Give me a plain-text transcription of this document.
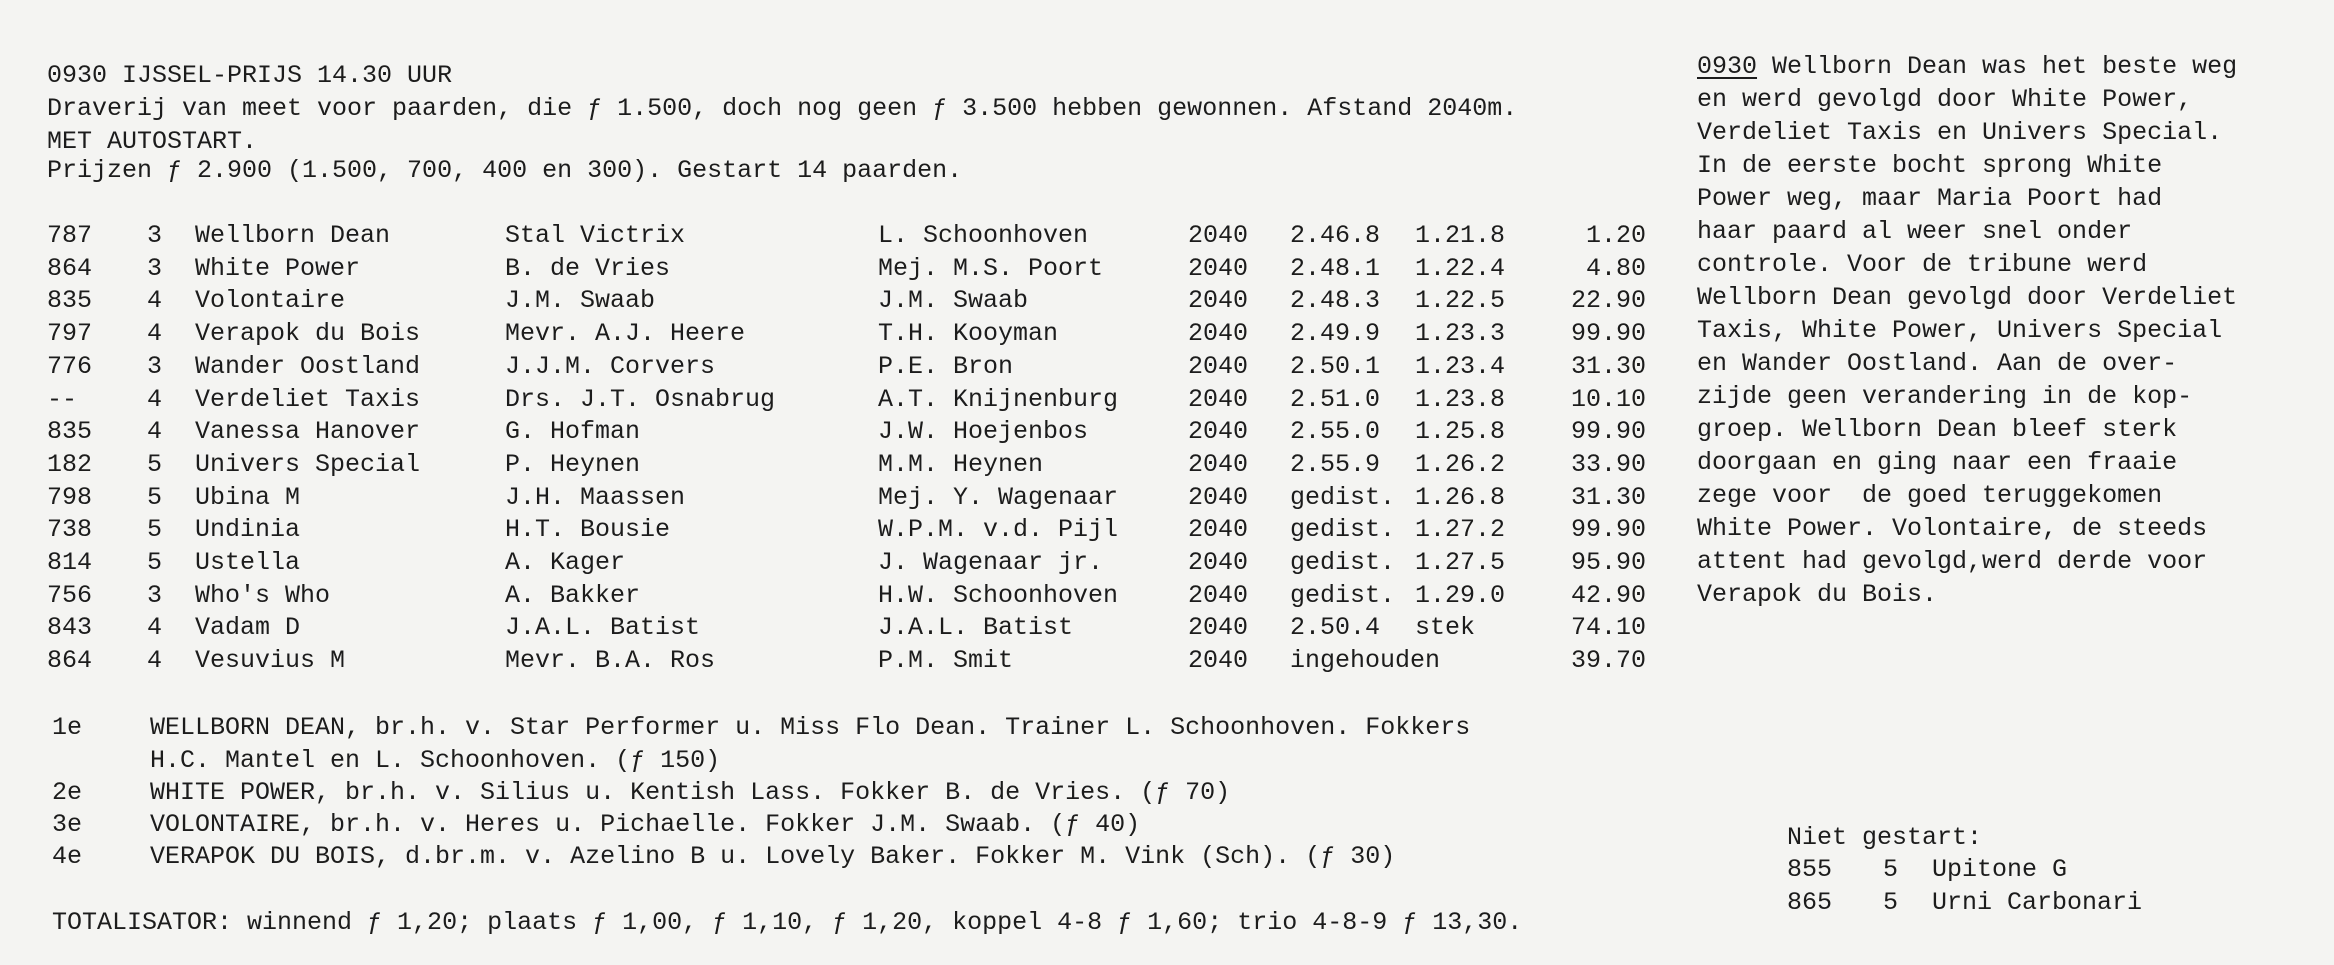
0930 IJSSEL-PRIJS 14.30 UUR
Draverij van meet voor paarden, die ƒ 1.500, doch nog geen ƒ 3.500 hebben gewonnen. Afstand 2040m.
MET AUTOSTART.
Prijzen ƒ 2.900 (1.500, 700, 400 en 300). Gestart 14 paarden.
787 3 Wellborn Dean	Stal Victrix	L. Schoonhoven	2040 2.46.8 1.21.8	1.20
864 3 White Power	B. de Vries	Mej. M.S. Poort	2040 2.48.1 1.22.4	4.80
835 4 Volontaire	J.M. Swaab	J.M. Swaab	2040 2.48.3 1.22.5	22.90
797 4 Verapok du Bois	Mevr. A.J. Heere	T.H. Kooyman	2040 2.49.9 1.23.3	99.90
776 3 Wander Oostland	J.J.M. Corvers	P.E. Bron	2040 2.50.1 1.23.4	31.30
--	4 Verdeliet Taxis	Drs. J.T. Osnabrug	A.T. Knijnenburg	2040 2.51.0 1.23.8	10.10
835 4 Vanessa Hanover	G. Hofman	J.W. Hoejenbos	2040 2.55.0 1.25.8	99.90
182 5 Univers Special	P. Heynen	M.M. Heynen	2040 2.55.9 1.26.2	33.90
798 5 Ubina M	J.H. Maassen	Mej. Y. Wagenaar	2040 gedist. 1.26.8	31.30
738 5 Undinia	H.T. Bousie	W.P.M. v.d. Pijl	2040 gedist. 1.27.2	99.90
814 5 Ustella	A. Kager	J. Wagenaar jr.	2040 gedist. 1.27.5	95.90
756 3 Who's Who	A. Bakker	H.W. Schoonhoven	2040 gedist. 1.29.0	42.90
843 4 Vadam D	J.A.L. Batist	J.A.L. Batist	2040 2.50.4 stek	74.10
864 4 Vesuvius M	Mevr. B.A. Ros	P.M. Smit	2040 ingehouden	39.70
1e	WELLBORN DEAN, br.h. v. Star Performer u. Miss Flo Dean. Trainer L. Schoonhoven. Fokkers
H.C. Mantel en L. Schoonhoven. (ƒ 150)
2e	WHITE POWER, br.h. v. Silius u. Kentish Lass. Fokker B. de Vries. (ƒ 70)
3e	VOLONTAIRE, br.h. v. Heres u. Pichaelle. Fokker J.M. Swaab. (ƒ 40)
4e	VERAPOK DU BOIS, d.br.m. v. Azelino B u. Lovely Baker. Fokker M. Vink (Sch). (ƒ 30)
TOTALISATOR: winnend ƒ 1,20; plaats ƒ 1,00, ƒ 1,10, ƒ 1,20, koppel 4-8 ƒ 1,60; trio 4-8-9 ƒ 13,30.
0930 Wellborn Dean was het beste weg
en werd gevolgd door White Power,
Verdeliet Taxis en Univers Special.
In de eerste bocht sprong White
Power weg, maar Maria Poort had
haar paard al weer snel onder
controle. Voor de tribune werd
Wellborn Dean gevolgd door Verdeliet
Taxis, White Power, Univers Special
en Wander Oostland. Aan de over-
zijde geen verandering in de kop-
groep. Wellborn Dean bleef sterk
doorgaan en ging naar een fraaie
zege voor  de goed teruggekomen
White Power. Volontaire, de steeds
attent had gevolgd,werd derde voor
Verapok du Bois.
Niet gestart:
855 5 Upitone G
865 5 Urni Carbonari
